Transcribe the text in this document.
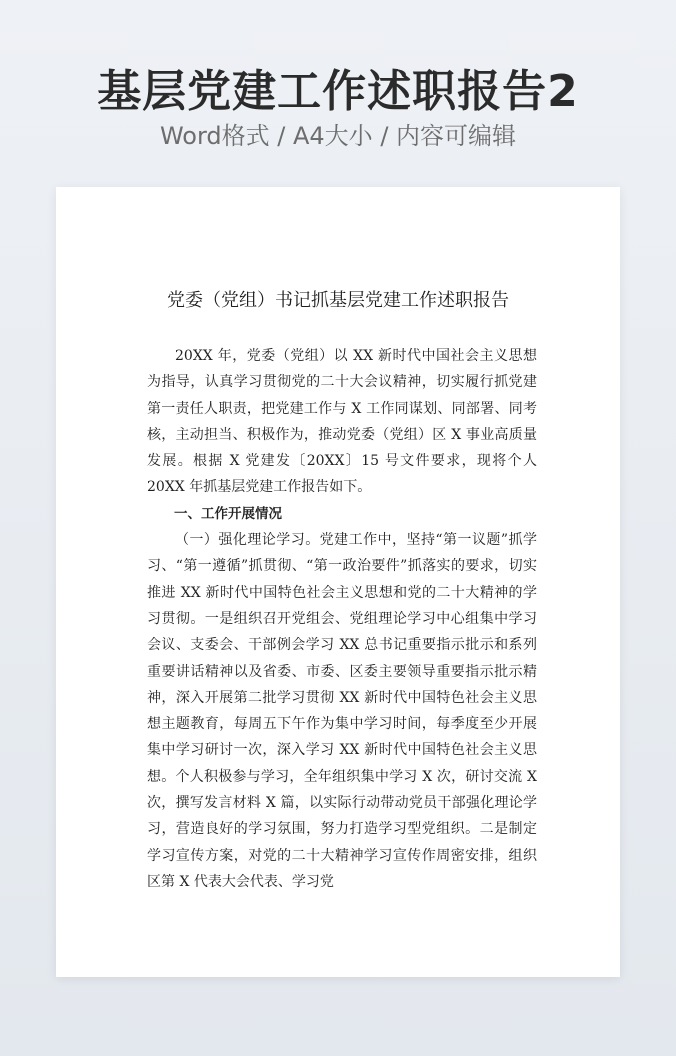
基层党建工作述职报告2
Word格式 / A4大小 / 内容可编辑
党委（党组）书记抓基层党建工作述职报告

20XX 年，党委（党组）以 XX 新时代中国社会主义思想为指导，认真学习贯彻党的二十大会议精神，切实履行抓党建第一责任人职责，把党建工作与 X 工作同谋划、同部署、同考核，主动担当、积极作为，推动党委（党组）区 X 事业高质量发展。根据 X 党建发〔20XX〕15 号文件要求，现将个人 20XX 年抓基层党建工作报告如下。

一、工作开展情况

（一）强化理论学习。党建工作中，坚持“第一议题”抓学习、“第一遵循”抓贯彻、“第一政治要件”抓落实的要求，切实推进 XX 新时代中国特色社会主义思想和党的二十大精神的学习贯彻。一是组织召开党组会、党组理论学习中心组集中学习会议、支委会、干部例会学习 XX 总书记重要指示批示和系列重要讲话精神以及省委、市委、区委主要领导重要指示批示精神，深入开展第二批学习贯彻 XX 新时代中国特色社会主义思想主题教育，每周五下午作为集中学习时间，每季度至少开展集中学习研讨一次，深入学习 XX 新时代中国特色社会主义思想。个人积极参与学习，全年组织集中学习 X 次，研讨交流 X 次，撰写发言材料 X 篇，以实际行动带动党员干部强化理论学习，营造良好的学习氛围，努力打造学习型党组织。二是制定学习宣传方案，对党的二十大精神学习宣传作周密安排，组织区第 X 代表大会代表、学习党
